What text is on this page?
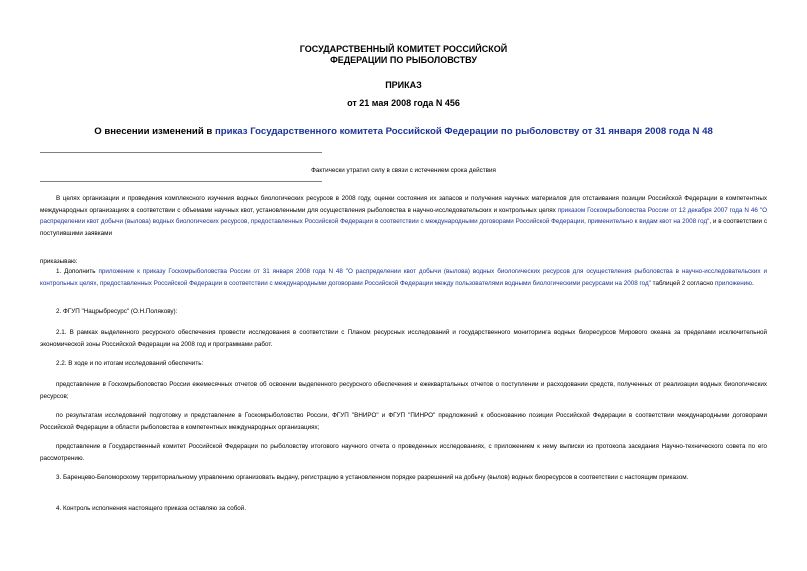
ГОСУДАРСТВЕННЫЙ КОМИТЕТ РОССИЙСКОЙ
ФЕДЕРАЦИИ ПО РЫБОЛОВСТВУ
ПРИКАЗ
от 21 мая 2008 года N 456
О внесении изменений в приказ Государственного комитета Российской Федерации по рыболовству от 31 января 2008 года N 48
Фактически утратил силу в связи с истечением срока действия
В целях организации и проведения комплексного изучения водных биологических ресурсов в 2008 году, оценки состояния их запасов и получения научных материалов для отстаивания позиции Российской Федерации в компетентных международных организациях в соответствии с объемами научных квот, установленными для осуществления рыболовства в научно-исследовательских и контрольных целях приказом Госкомрыболовства России от 12 декабря 2007 года N 46 "О распределении квот добычи (вылова) водных биологических ресурсов, предоставленных Российской Федерации в соответствии с международными договорами Российской Федерации, применительно к видам квот на 2008 год", и в соответствии с поступившими заявками
приказываю:
1. Дополнить приложение к приказу Госкомрыболовства России от 31 января 2008 года N 48 "О распределении квот добычи (вылова) водных биологических ресурсов для осуществления рыболовства в научно-исследовательских и контрольных целях, предоставленных Российской Федерации в соответствии с международными договорами Российской Федерации между пользователями водными биологическими ресурсами на 2008 год" таблицей 2 согласно приложению.
2. ФГУП "Нацрыбресурс" (О.Н.Полякову):
2.1. В рамках выделенного ресурсного обеспечения провести исследования в соответствии с Планом ресурсных исследований и государственного мониторинга водных биоресурсов Мирового океана за пределами исключительной экономической зоны Российской Федерации на 2008 год и программами работ.
2.2. В ходе и по итогам исследований обеспечить:
представление в Госкомрыболовство России ежемесячных отчетов об освоении выделенного ресурсного обеспечения и ежеквартальных отчетов о поступлении и расходовании средств, полученных от реализации водных биологических ресурсов;
по результатам исследований подготовку и представление в Госкомрыболовство России, ФГУП "ВНИРО" и ФГУП "ПИНРО" предложений к обоснованию позиции Российской Федерации в соответствии международными договорами Российской Федерации в области рыболовства в компетентных международных организациях;
представление в Государственный комитет Российской Федерации по рыболовству итогового научного отчета о проведенных исследованиях, с приложением к нему выписки из протокола заседания Научно-технического совета по его рассмотрению.
3. Баренцево-Беломорскому территориальному управлению организовать выдачу, регистрацию в установленном порядке разрешений на добычу (вылов) водных биоресурсов в соответствии с настоящим приказом.
4. Контроль исполнения настоящего приказа оставляю за собой.
